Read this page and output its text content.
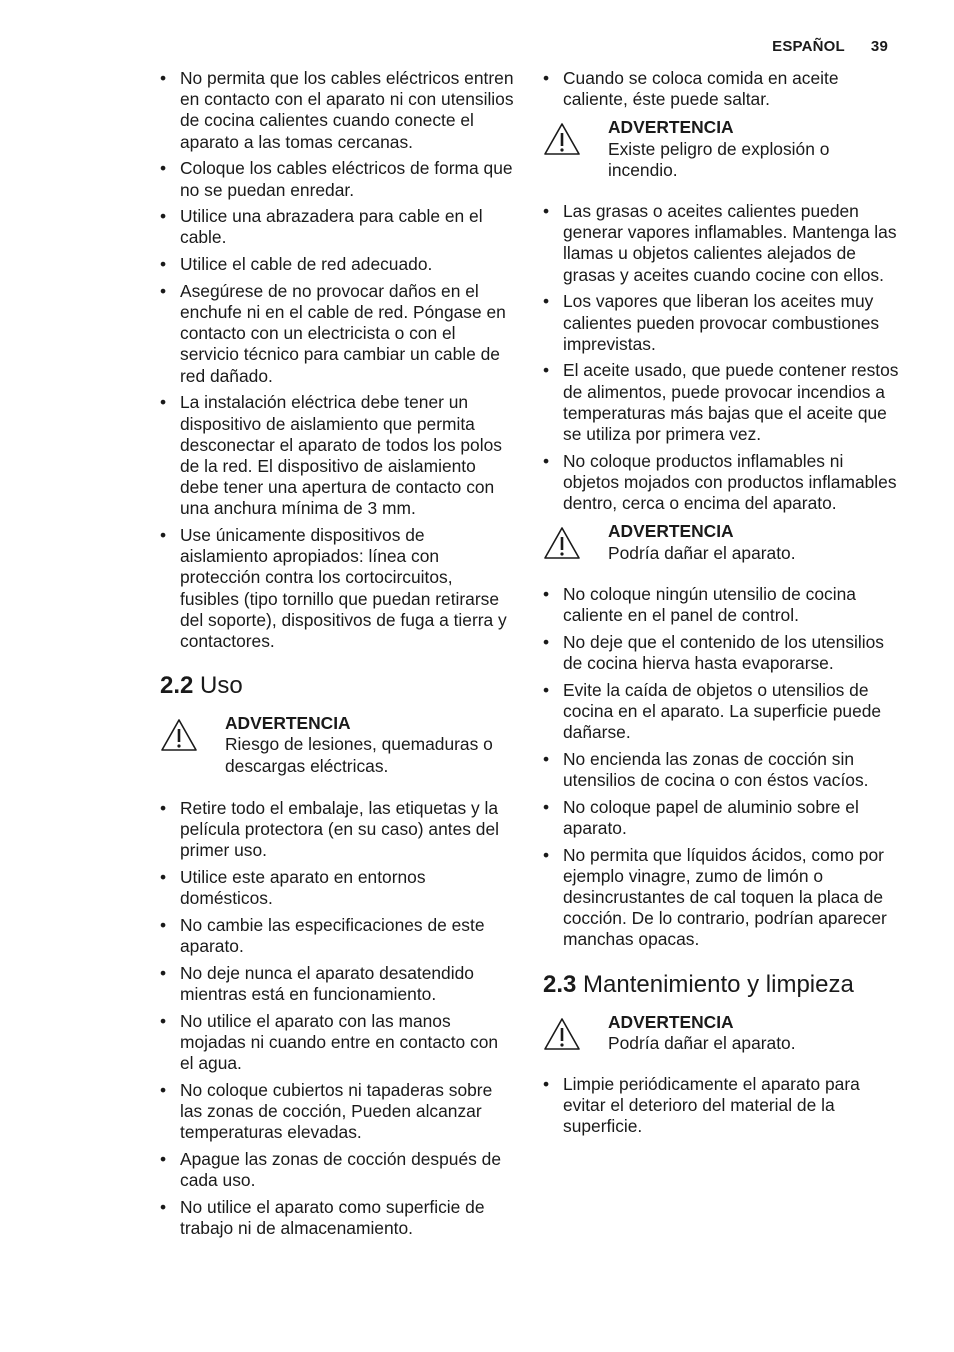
ESPAÑOL 39
• No permita que los cables eléctricos entren en contacto con el aparato ni con utensilios de cocina calientes cuando conecte el aparato a las tomas cercanas.
• Coloque los cables eléctricos de forma que no se puedan enredar.
• Utilice una abrazadera para cable en el cable.
• Utilice el cable de red adecuado.
• Asegúrese de no provocar daños en el enchufe ni en el cable de red. Póngase en contacto con un electricista o con el servicio técnico para cambiar un cable de red dañado.
• La instalación eléctrica debe tener un dispositivo de aislamiento que permita desconectar el aparato de todos los polos de la red. El dispositivo de aislamiento debe tener una apertura de contacto con una anchura mínima de 3 mm.
• Use únicamente dispositivos de aislamiento apropiados: línea con protección contra los cortocircuitos, fusibles (tipo tornillo que puedan retirarse del soporte), dispositivos de fuga a tierra y contactores.
2.2 Uso
ADVERTENCIA
Riesgo de lesiones, quemaduras o descargas eléctricas.
• Retire todo el embalaje, las etiquetas y la película protectora (en su caso) antes del primer uso.
• Utilice este aparato en entornos domésticos.
• No cambie las especificaciones de este aparato.
• No deje nunca el aparato desatendido mientras está en funcionamiento.
• No utilice el aparato con las manos mojadas ni cuando entre en contacto con el agua.
• No coloque cubiertos ni tapaderas sobre las zonas de cocción, Pueden alcanzar temperaturas elevadas.
• Apague las zonas de cocción después de cada uso.
• No utilice el aparato como superficie de trabajo ni de almacenamiento.
• Cuando se coloca comida en aceite caliente, éste puede saltar.
ADVERTENCIA
Existe peligro de explosión o incendio.
• Las grasas o aceites calientes pueden generar vapores inflamables. Mantenga las llamas u objetos calientes alejados de grasas y aceites cuando cocine con ellos.
• Los vapores que liberan los aceites muy calientes pueden provocar combustiones imprevistas.
• El aceite usado, que puede contener restos de alimentos, puede provocar incendios a temperaturas más bajas que el aceite que se utiliza por primera vez.
• No coloque productos inflamables ni objetos mojados con productos inflamables dentro, cerca o encima del aparato.
ADVERTENCIA
Podría dañar el aparato.
• No coloque ningún utensilio de cocina caliente en el panel de control.
• No deje que el contenido de los utensilios de cocina hierva hasta evaporarse.
• Evite la caída de objetos o utensilios de cocina en el aparato. La superficie puede dañarse.
• No encienda las zonas de cocción sin utensilios de cocina o con éstos vacíos.
• No coloque papel de aluminio sobre el aparato.
• No permita que líquidos ácidos, como por ejemplo vinagre, zumo de limón o desincrustantes de cal toquen la placa de cocción. De lo contrario, podrían aparecer manchas opacas.
2.3 Mantenimiento y limpieza
ADVERTENCIA
Podría dañar el aparato.
• Limpie periódicamente el aparato para evitar el deterioro del material de la superficie.
